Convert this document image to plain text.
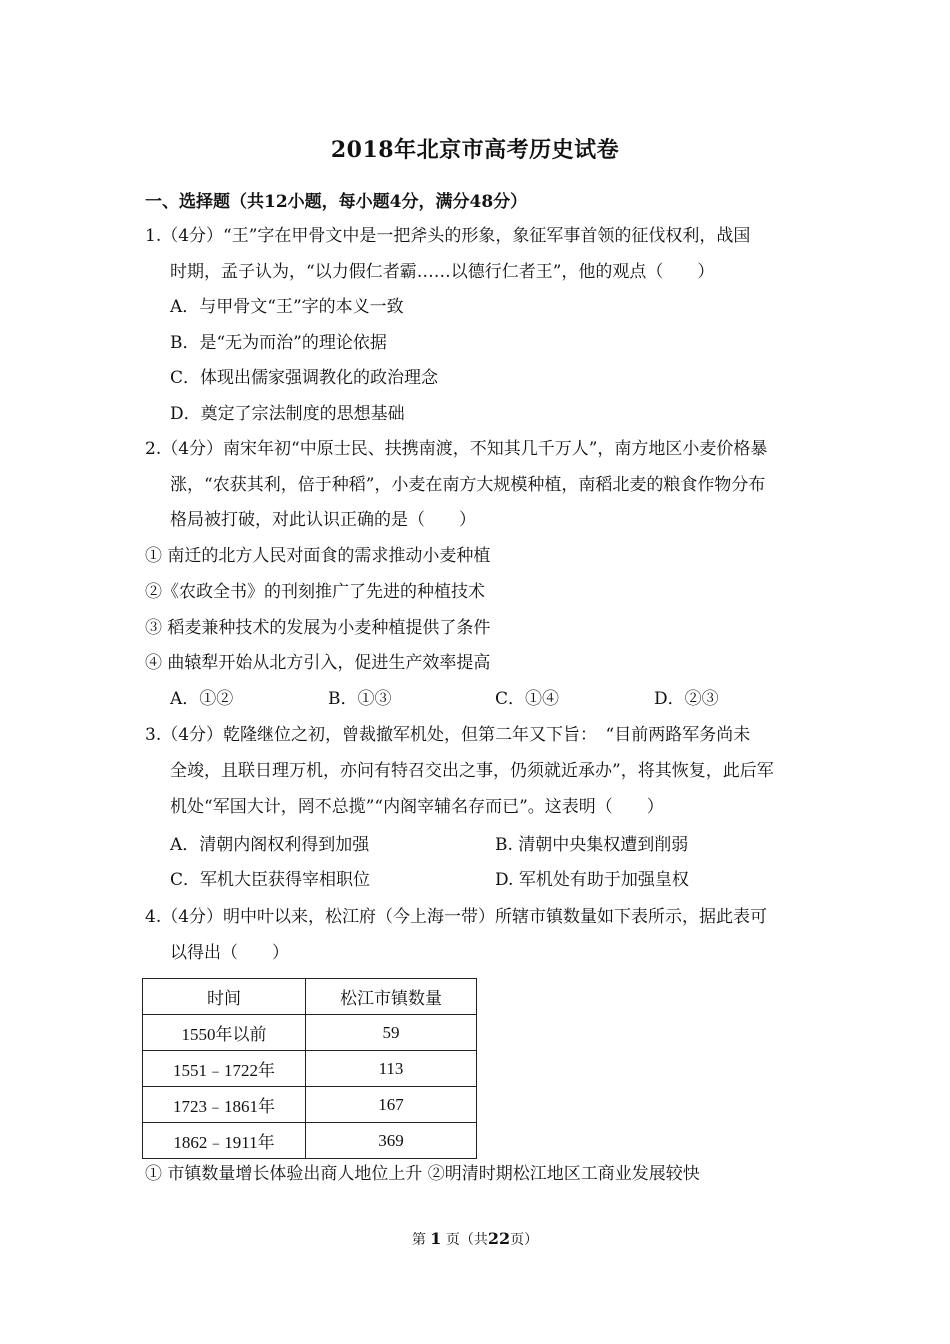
2018年北京市高考历史试卷
一、选择题（共12小题，每小题4分，满分48分）
1.（4分）“王”字在甲骨文中是一把斧头的形象，象征军事首领的征伐权利，战国
时期，孟子认为，“以力假仁者霸……以德行仁者王”，他的观点（　　）
A．与甲骨文“王”字的本义一致
B．是“无为而治”的理论依据
C．体现出儒家强调教化的政治理念
D．奠定了宗法制度的思想基础
2.（4分）南宋年初“中原士民、扶携南渡，不知其几千万人”，南方地区小麦价格暴
涨，“农获其利，倍于种稻”，小麦在南方大规模种植，南稻北麦的粮食作物分布
格局被打破，对此认识正确的是（　　）
① 南迁的北方人民对面食的需求推动小麦种植
②《农政全书》的刊刻推广了先进的种植技术
③ 稻麦兼种技术的发展为小麦种植提供了条件
④ 曲辕犁开始从北方引入，促进生产效率提高
A．①②	B．①③	C．①④	D．②③
3.（4分）乾隆继位之初，曾裁撤军机处，但第二年又下旨：　“目前两路军务尚未
全竣，且联日理万机，亦问有特召交出之事，仍须就近承办”，将其恢复，此后军
机处“军国大计，罔不总揽”“内阁宰辅名存而已”。这表明（　　）
A．清朝内阁权利得到加强	B. 清朝中央集权遭到削弱
C．军机大臣获得宰相职位	D. 军机处有助于加强皇权
4.（4分）明中叶以来，松江府（今上海一带）所辖市镇数量如下表所示，据此表可
以得出（　　）
时间	松江市镇数量
1550年以前	59
1551﹣1722年	113
1723﹣1861年	167
1862﹣1911年	369
① 市镇数量增长体验出商人地位上升 ②明清时期松江地区工商业发展较快
第 1 页（共22页）
